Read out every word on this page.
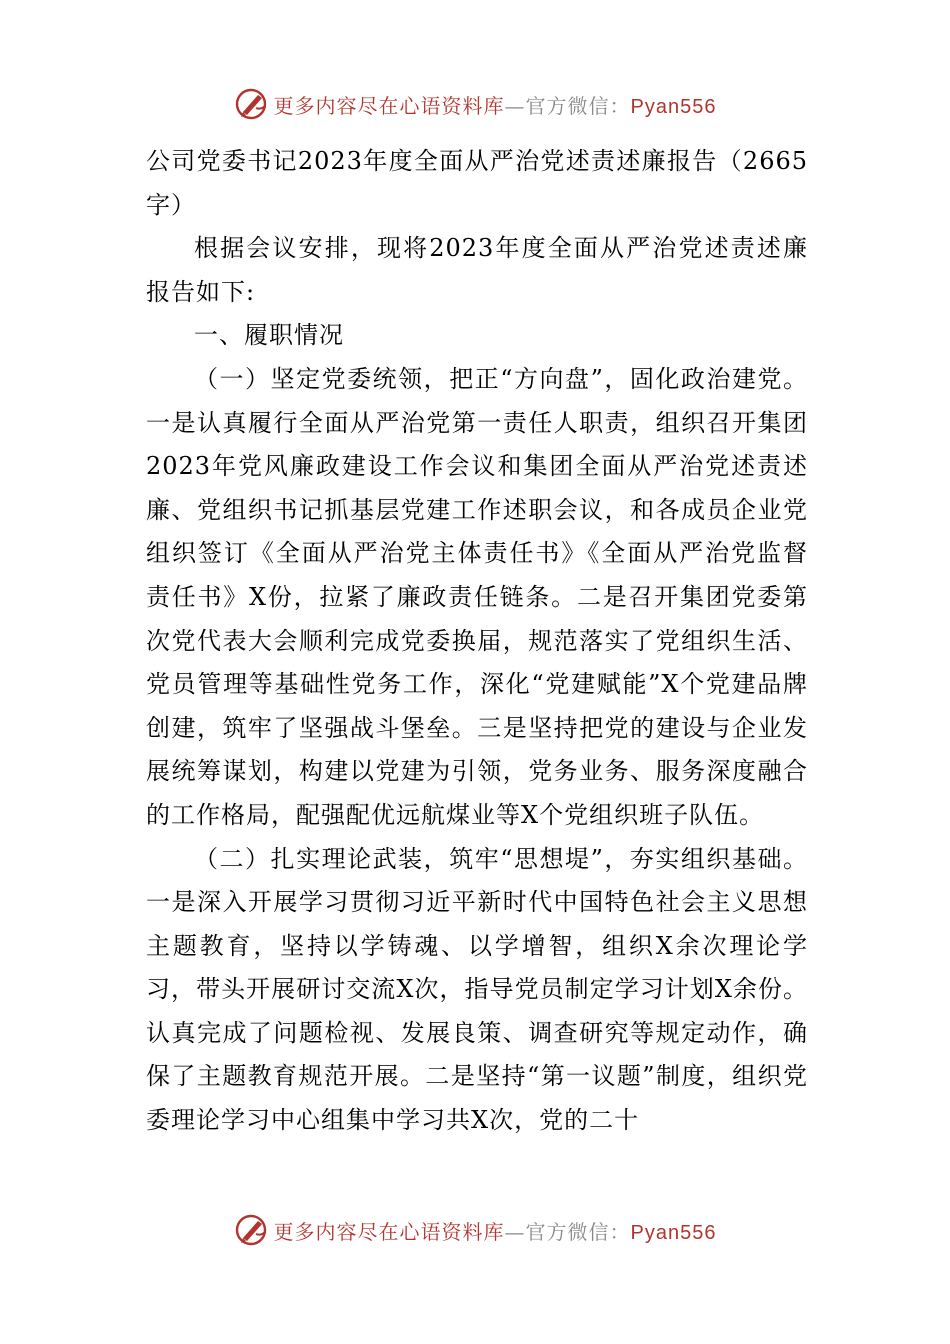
更多内容尽在心语资料库—官方微信：Pyan556

公司党委书记2023年度全面从严治党述责述廉报告（2665字）

根据会议安排，现将2023年度全面从严治党述责述廉报告如下:

一、履职情况

（一）坚定党委统领，把正“方向盘”，固化政治建党。一是认真履行全面从严治党第一责任人职责，组织召开集团2023年党风廉政建设工作会议和集团全面从严治党述责述廉、党组织书记抓基层党建工作述职会议，和各成员企业党组织签订《全面从严治党主体责任书》《全面从严治党监督责任书》X份，拉紧了廉政责任链条。二是召开集团党委第次党代表大会顺利完成党委换届，规范落实了党组织生活、党员管理等基础性党务工作，深化“党建赋能”X个党建品牌创建，筑牢了坚强战斗堡垒。三是坚持把党的建设与企业发展统筹谋划，构建以党建为引领，党务业务、服务深度融合的工作格局，配强配优远航煤业等X个党组织班子队伍。

（二）扎实理论武装，筑牢“思想堤”，夯实组织基础。一是深入开展学习贯彻习近平新时代中国特色社会主义思想主题教育，坚持以学铸魂、以学增智，组织X余次理论学习，带头开展研讨交流X次，指导党员制定学习计划X余份。认真完成了问题检视、发展良策、调查研究等规定动作，确保了主题教育规范开展。二是坚持“第一议题”制度，组织党委理论学习中心组集中学习共X次，党的二十

更多内容尽在心语资料库—官方微信：Pyan556
